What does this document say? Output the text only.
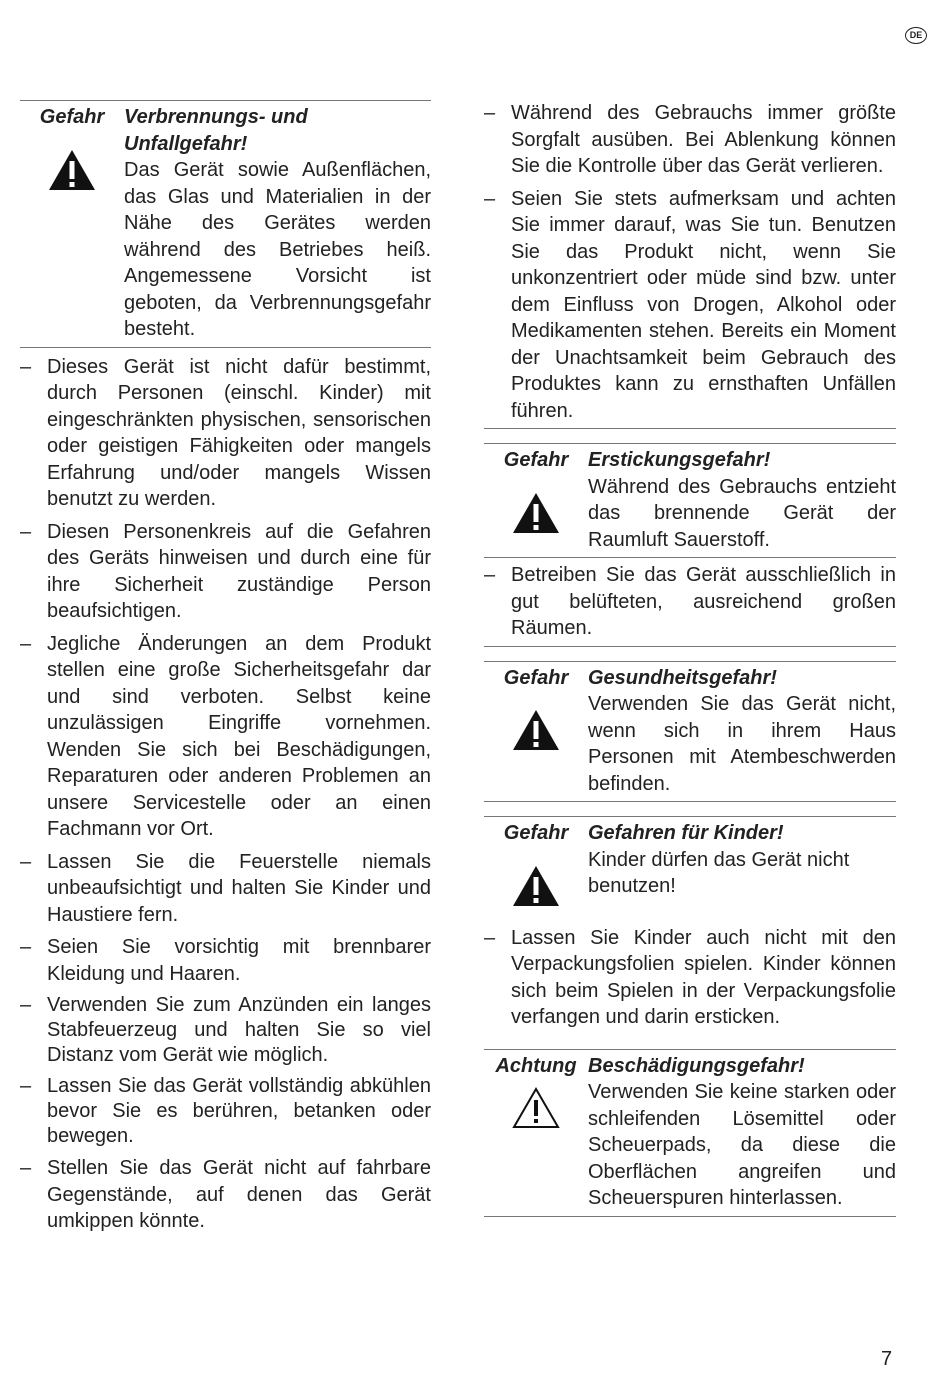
DE
Gefahr Verbrennungs- und Unfallgefahr!
Das Gerät sowie Außenflächen, das Glas und Materialien in der Nähe des Gerätes werden während des Betriebes heiß. Angemessene Vorsicht ist geboten, da Verbrennungsgefahr besteht.
– Dieses Gerät ist nicht dafür bestimmt, durch Personen (einschl. Kinder) mit eingeschränkten physischen, sensorischen oder geistigen Fähigkeiten oder mangels Erfahrung und/oder mangels Wissen benutzt zu werden.
– Diesen Personenkreis auf die Gefahren des Geräts hinweisen und durch eine für ihre Sicherheit zuständige Person beaufsichtigen.
– Jegliche Änderungen an dem Produkt stellen eine große Sicherheitsgefahr dar und sind verboten. Selbst keine unzulässigen Eingriffe vornehmen. Wenden Sie sich bei Beschädigungen, Reparaturen oder anderen Problemen an unsere Servicestelle oder an einen Fachmann vor Ort.
– Lassen Sie die Feuerstelle niemals unbeaufsichtigt und halten Sie Kinder und Haustiere fern.
– Seien Sie vorsichtig mit brennbarer Kleidung und Haaren.
– Verwenden Sie zum Anzünden ein langes Stabfeuerzeug und halten Sie so viel Distanz vom Gerät wie möglich.
– Lassen Sie das Gerät vollständig abkühlen bevor Sie es berühren, betanken oder bewegen.
– Stellen Sie das Gerät nicht auf fahrbare Gegenstände, auf denen das Gerät umkippen könnte.
– Während des Gebrauchs immer größte Sorgfalt ausüben. Bei Ablenkung können Sie die Kontrolle über das Gerät verlieren.
– Seien Sie stets aufmerksam und achten Sie immer darauf, was Sie tun. Benutzen Sie das Produkt nicht, wenn Sie unkonzentriert oder müde sind bzw. unter dem Einfluss von Drogen, Alkohol oder Medikamenten stehen. Bereits ein Moment der Unachtsamkeit beim Gebrauch des Produktes kann zu ernsthaften Unfällen führen.
Gefahr Erstickungsgefahr!
Während des Gebrauchs entzieht das brennende Gerät der Raumluft Sauerstoff.
– Betreiben Sie das Gerät ausschließlich in gut belüfteten, ausreichend großen Räumen.
Gefahr Gesundheitsgefahr!
Verwenden Sie das Gerät nicht, wenn sich in ihrem Haus Personen mit Atembeschwerden befinden.
Gefahr Gefahren für Kinder!
Kinder dürfen das Gerät nicht benutzen!
– Lassen Sie Kinder auch nicht mit den Verpackungsfolien spielen. Kinder können sich beim Spielen in der Verpackungsfolie verfangen und darin ersticken.
Achtung Beschädigungsgefahr!
Verwenden Sie keine starken oder schleifenden Lösemittel oder Scheuerpads, da diese die Oberflächen angreifen und Scheuerspuren hinterlassen.
7
